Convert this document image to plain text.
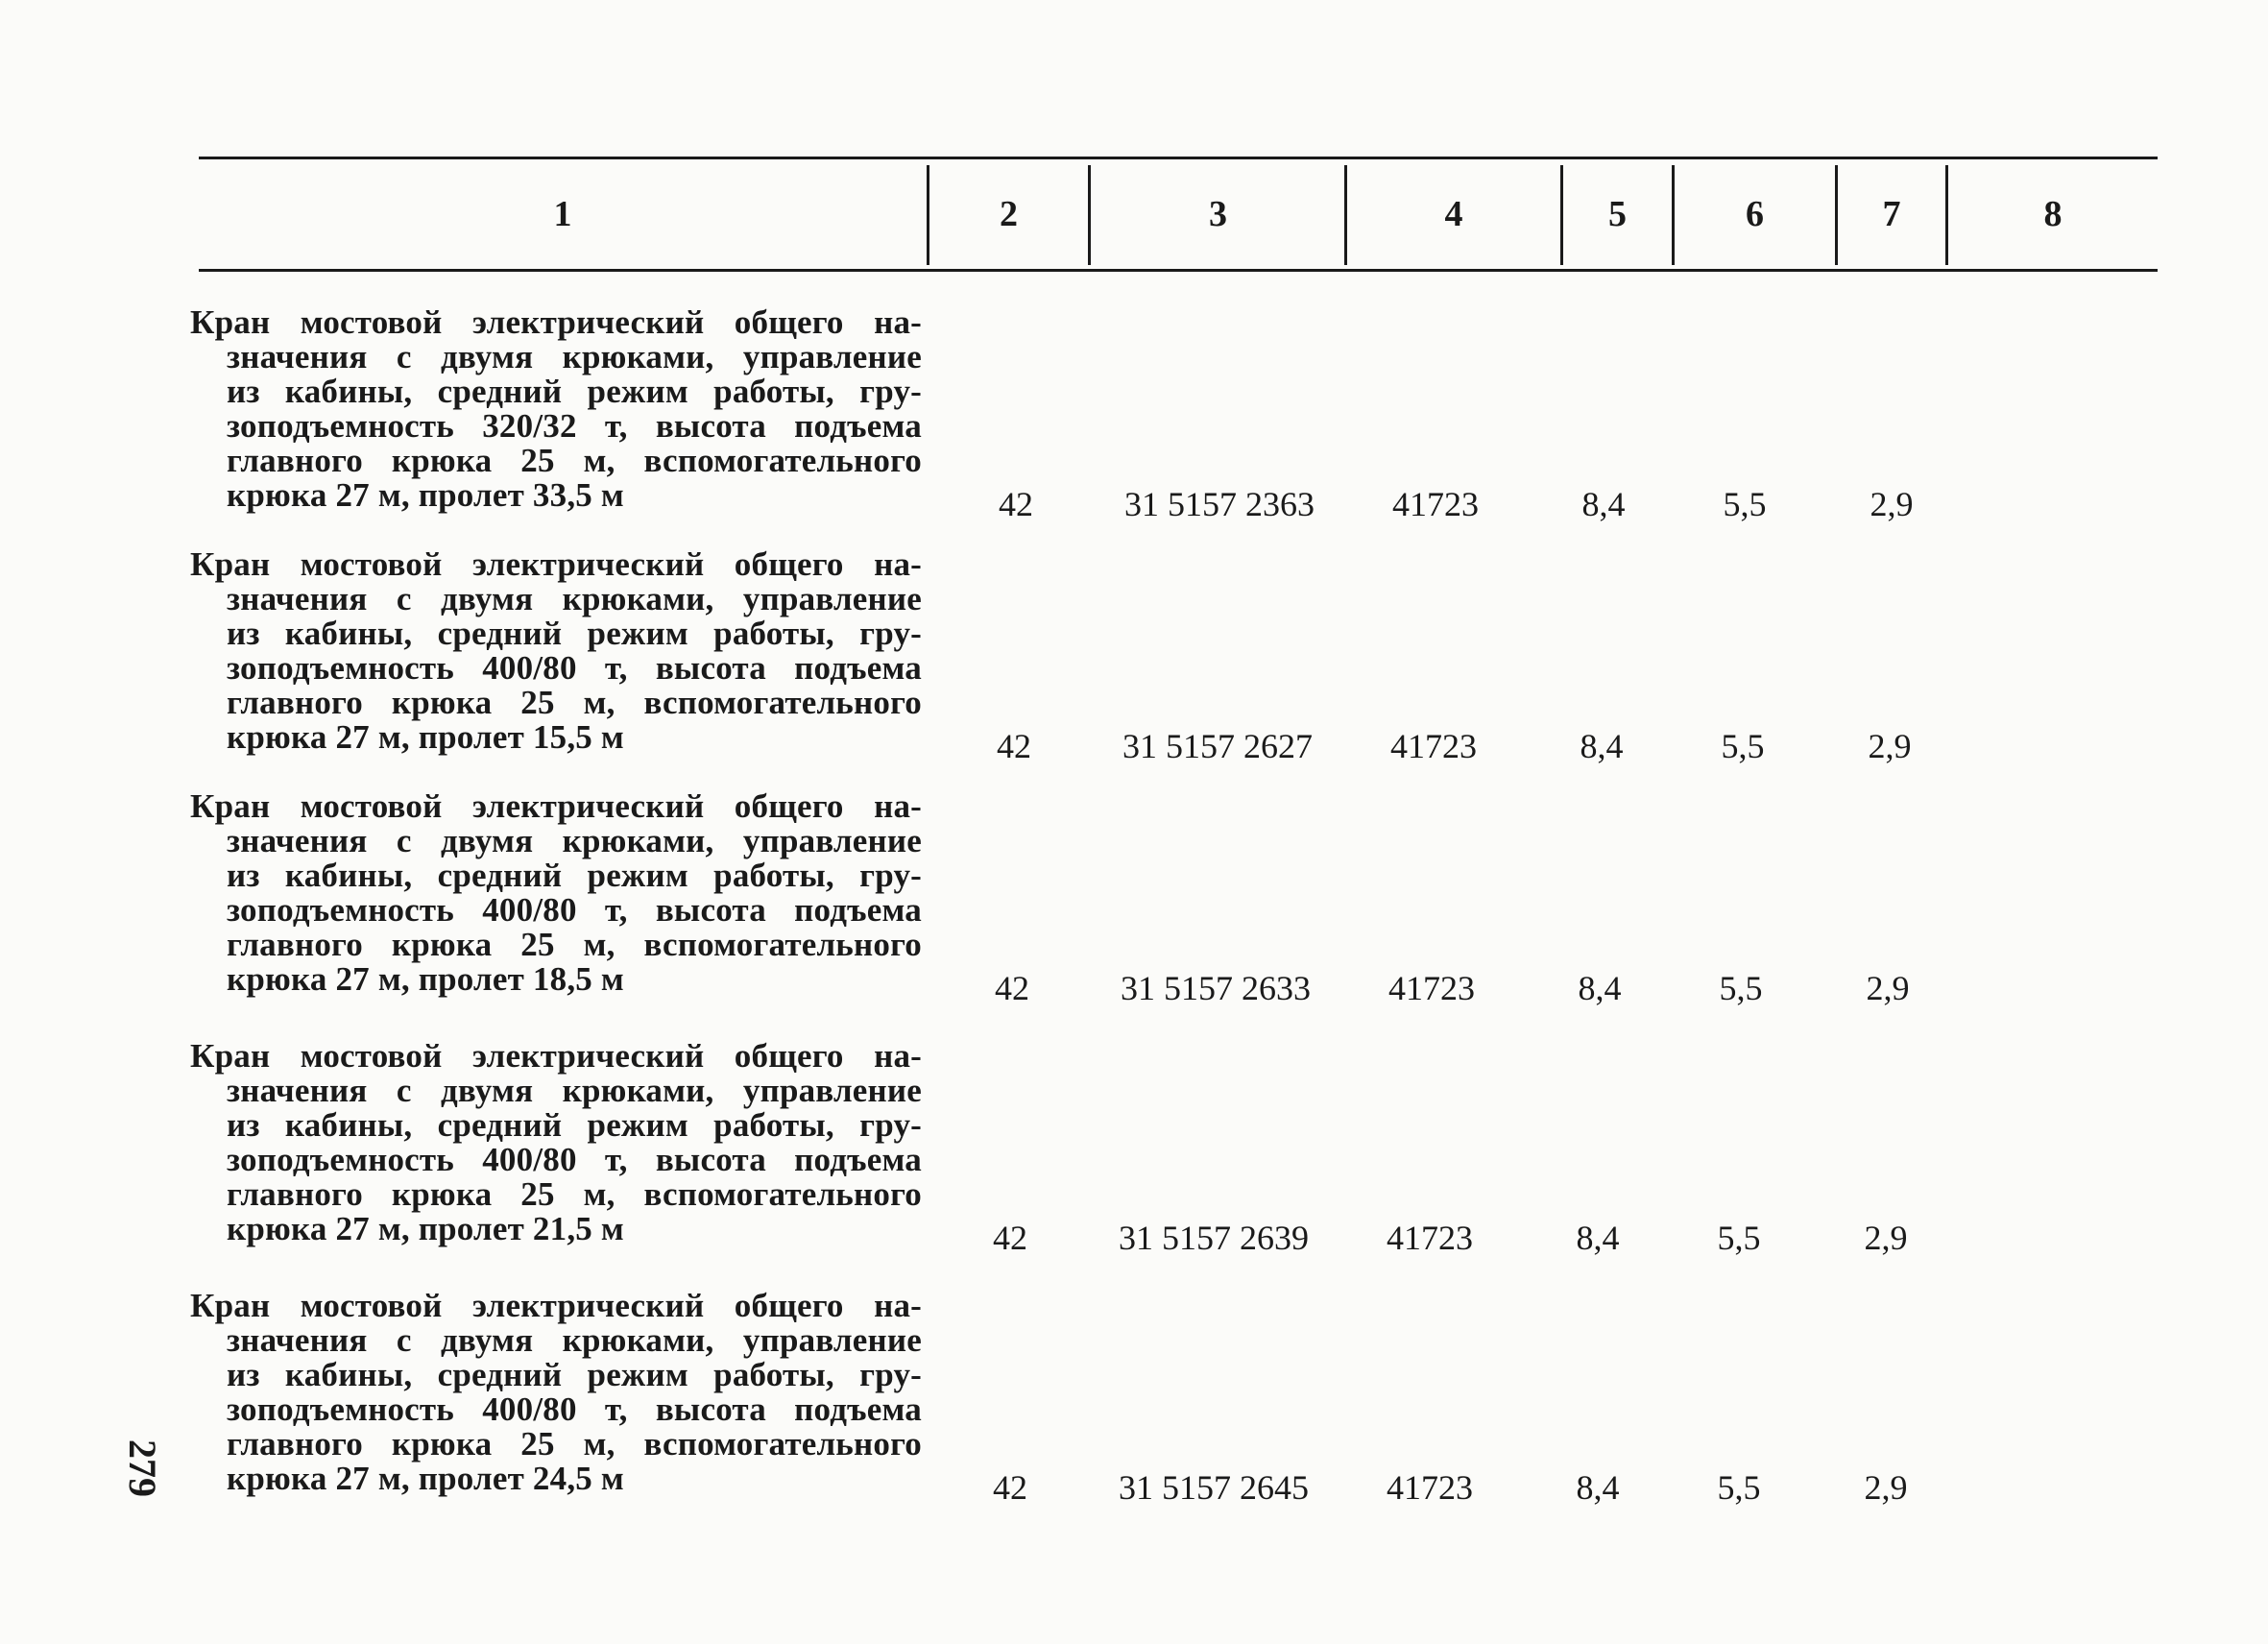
1	2	3	4	5	6	7	8
Кран мостовой электрический общего на-
значения с двумя крюками, управление
из кабины, средний режим работы, гру-
зоподъемность 320/32 т, высота подъема
главного крюка 25 м, вспомогательного
крюка 27 м, пролет 33,5 м	42	31 5157 2363	41723	8,4	5,5	2,9
Кран мостовой электрический общего на-
значения с двумя крюками, управление
из кабины, средний режим работы, гру-
зоподъемность 400/80 т, высота подъема
главного крюка 25 м, вспомогательного
крюка 27 м, пролет 15,5 м	42	31 5157 2627	41723	8,4	5,5	2,9
Кран мостовой электрический общего на-
значения с двумя крюками, управление
из кабины, средний режим работы, гру-
зоподъемность 400/80 т, высота подъема
главного крюка 25 м, вспомогательного
крюка 27 м, пролет 18,5 м	42	31 5157 2633	41723	8,4	5,5	2,9
Кран мостовой электрический общего на-
значения с двумя крюками, управление
из кабины, средний режим работы, гру-
зоподъемность 400/80 т, высота подъема
главного крюка 25 м, вспомогательного
крюка 27 м, пролет 21,5 м	42	31 5157 2639	41723	8,4	5,5	2,9
Кран мостовой электрический общего на-
значения с двумя крюками, управление
из кабины, средний режим работы, гру-
зоподъемность 400/80 т, высота подъема
главного крюка 25 м, вспомогательного
крюка 27 м, пролет 24,5 м	42	31 5157 2645	41723	8,4	5,5	2,9
279
